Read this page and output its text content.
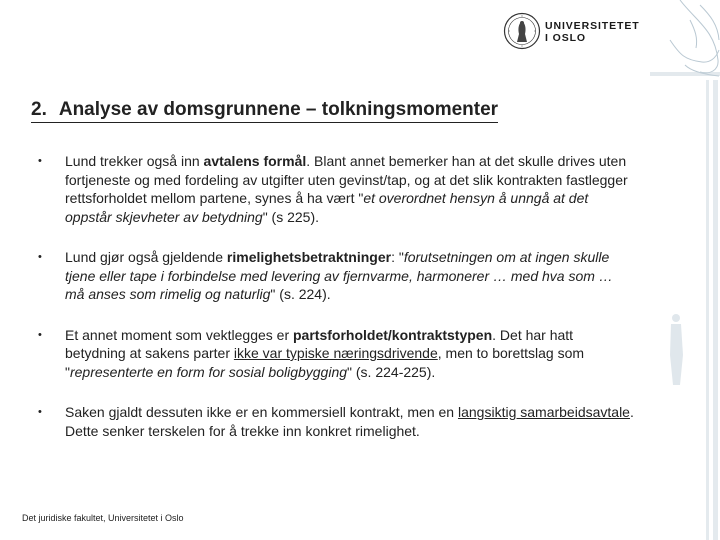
UNIVERSITETET
I OSLO
2. Analyse av domsgrunnene – tolkningsmomenter
• Lund trekker også inn avtalens formål. Blant annet bemerker han at det skulle drives uten fortjeneste og med fordeling av utgifter uten gevinst/tap, og at det slik kontrakten fastlegger rettsforholdet mellom partene, synes å ha vært "et overordnet hensyn å unngå at det oppstår skjevheter av betydning" (s 225).
• Lund gjør også gjeldende rimelighetsbetraktninger: "forutsetningen om at ingen skulle tjene eller tape i forbindelse med levering av fjernvarme, harmonerer … med hva som … må anses som rimelig og naturlig" (s. 224).
• Et annet moment som vektlegges er partsforholdet/kontraktstypen. Det har hatt betydning at sakens parter ikke var typiske næringsdrivende, men to borettslag som "representerte en form for sosial boligbygging" (s. 224-225).
• Saken gjaldt dessuten ikke er en kommersiell kontrakt, men en langsiktig samarbeidsavtale. Dette senker terskelen for å trekke inn konkret rimelighet.
Det juridiske fakultet, Universitetet i Oslo
